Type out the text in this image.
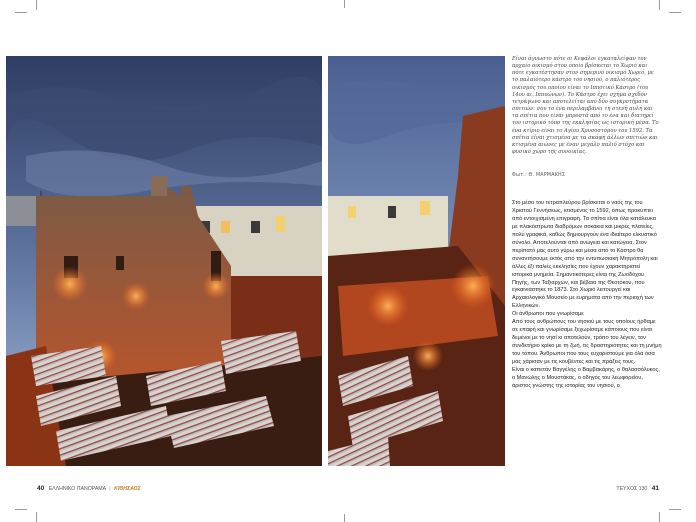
Είναι άγνωστο πότε οι Κεφάλοι εγκαταλείψαν τον αρχαίο οικισμό στον οποίο βρίσκεται το Χωριό και πότε εγκατέστησαν στον σημερινό οικισμό Χωριό, με το παλαιότερο κάστρο του νησιού, ο παλιότερος οικισμός του οποίου είναι το Ιπποτικό Κάστρο (του 14ου αι. Ιππυώνων). Το Κάστρο έχει σχήμα σχεδόν τετράγωνο και αποτελείται από δύο συγκροτήματα σπιτιών: σου το ένα περιλαμβάνει τη στενή αυλή και τα σπίτια που είναι μπροστά από το ένα και διατηρεί τον ιστορικό τόπο της εκκλησίας ως ιστορική μέσα. Το ένα κτίριο είναι το Αγίου Χρυσοστόμου του 1592. Τα σπίτια είναι χτισμένα με τα σκάφη άλλων σπιτιών και κτισμένα αιώνες με έναν μεγάλο παλιό στόχο και φυσικό χώρο της συνοικίας.

Φωτ.: Θ. ΜΑΡΜΑΚΗΣ

Στο μέσο του τετραπλεύρου βρίσκεται ο ναός της του Χριστού Γεννήσεως, κτισμένος το 1592, όπως προκύπτει από εντοιχισμένη επιγραφή. Τα σπίτια είναι όλα κατάλευκα με πλακόστρωτα διαδρόμων σοκάκια και μικρές πλατείες, πολύ γραφικά, καθώς δημιουργούν ένα ιδιαίτερο ελκυστικό σύνολο. Αποτελούνται από ανώγεια και κατώγεια. Στον περίπατό μας αυτό γύρω και μέσα από το Κάστρο θα συναντήσουμε εκτός από την εντυπωσιακή Μητρόπολη και άλλες έξι παλιές εκκλησίες που έχουν χαρακτηριστεί ιστορικά μνημεία. Σημαντικότερες είναι της Ζωοδόχου Πηγής, των Ταξιαρχών, και βέβαια της Θεοτόκου, που εγκαινιάστηκε το 1873. Στο Χωριό λειτουργεί και Αρχαιολογικό Μουσείο με ευρήματα από την περιοχή των Ελληνικών.

Οι άνθρωποι που γνωρίσαμε

Από τους ανθρώπους του νησιού με τους οποίους ήρθαμε σε επαφή και γνωρίσαμε ξεχωρίσαμε κάποιους που είναι δεμένοι με το νησί κι αποτελούν, τρόπο του λέγειν, τον συνδετήριο κρίκο με τη ζωή, τις δραστηριότητες και τη μνήμη του τόπου. Άνθρωποι που τους ευχαριστούμε για όλα όσα μας χάρισαν με τις κουβέντες και τις πράξεις τους.

Είναι ο καπετάν Βαγγέλης ο Βαμβακάρης, ο θαλασσόλυκος, ο Μανώλης ο Μουστάκας, ο οδηγός του λεωφορείου, άριστος γνώστης της ιστορίας του νησιού, ο

40 ΕΛΛΗΝΙΚΟ ΠΑΝΟΡΑΜΑ | ΚΙΘΗΣΑΟΣ	ΤΕΥΧΟΣ 130 41
